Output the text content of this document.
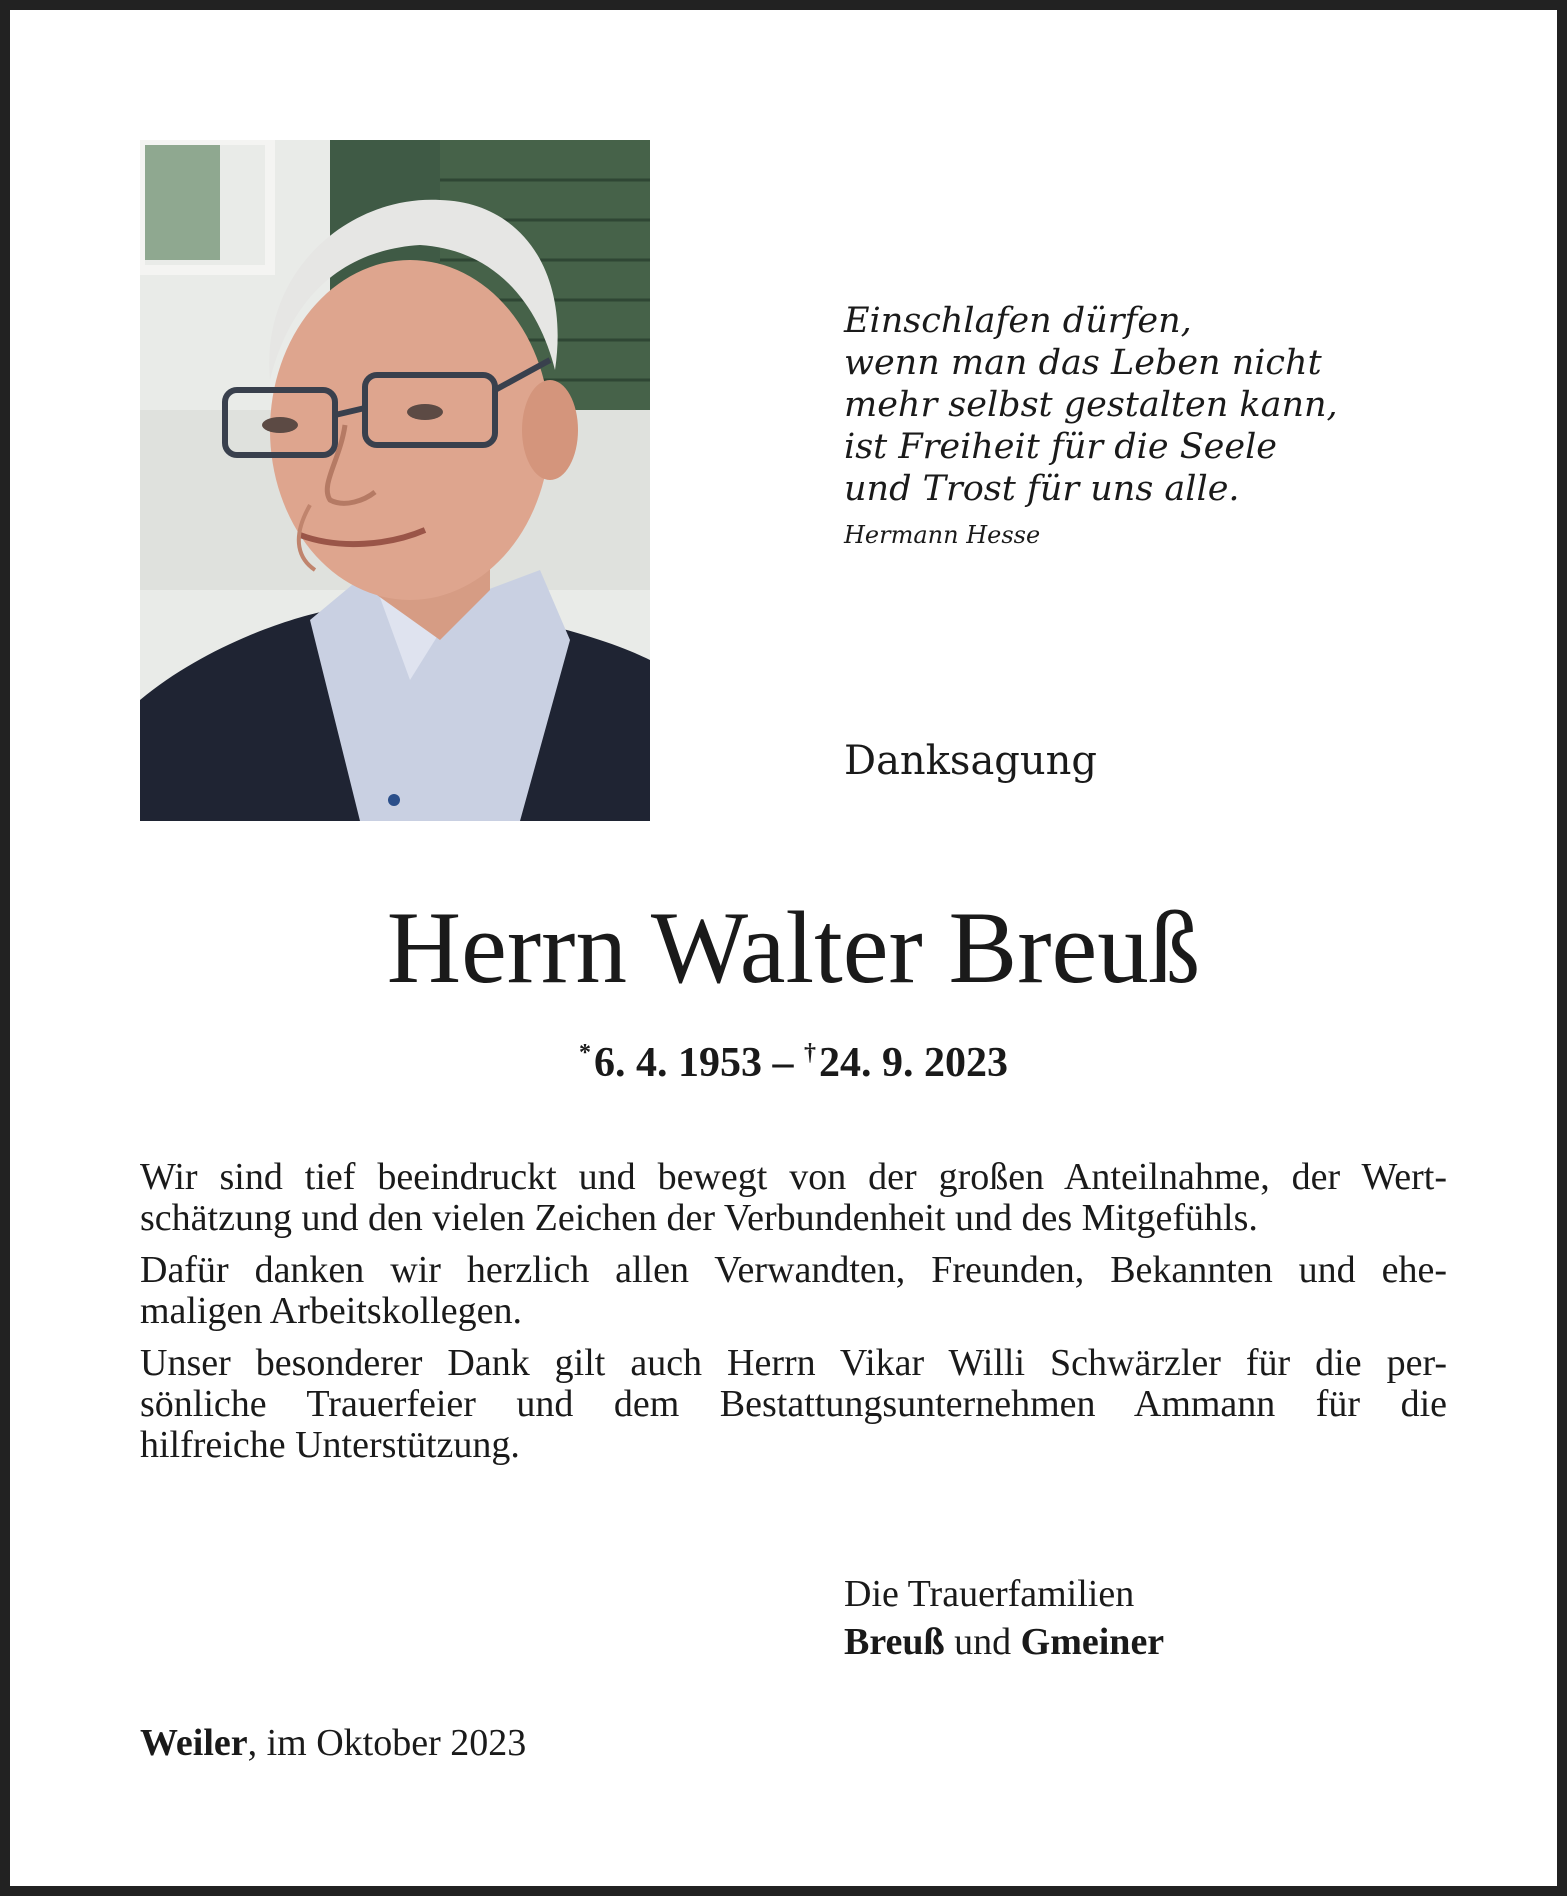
Einschlafen dürfen,
wenn man das Leben nicht
mehr selbst gestalten kann,
ist Freiheit für die Seele
und Trost für uns alle.
Hermann Hesse
Danksagung
Herrn Walter Breuß
*6. 4. 1953 – †24. 9. 2023

Wir sind tief beeindruckt und bewegt von der großen Anteilnahme, der Wert-
schätzung und den vielen Zeichen der Verbundenheit und des Mitgefühls.

Dafür danken wir herzlich allen Verwandten, Freunden, Bekannten und ehe-
maligen Arbeitskollegen.

Unser besonderer Dank gilt auch Herrn Vikar Willi Schwärzler für die per-
sönliche Trauerfeier und dem Bestattungsunternehmen Ammann für die
hilfreiche Unterstützung.

Die Trauerfamilien
Breuß und Gmeiner
Weiler, im Oktober 2023
